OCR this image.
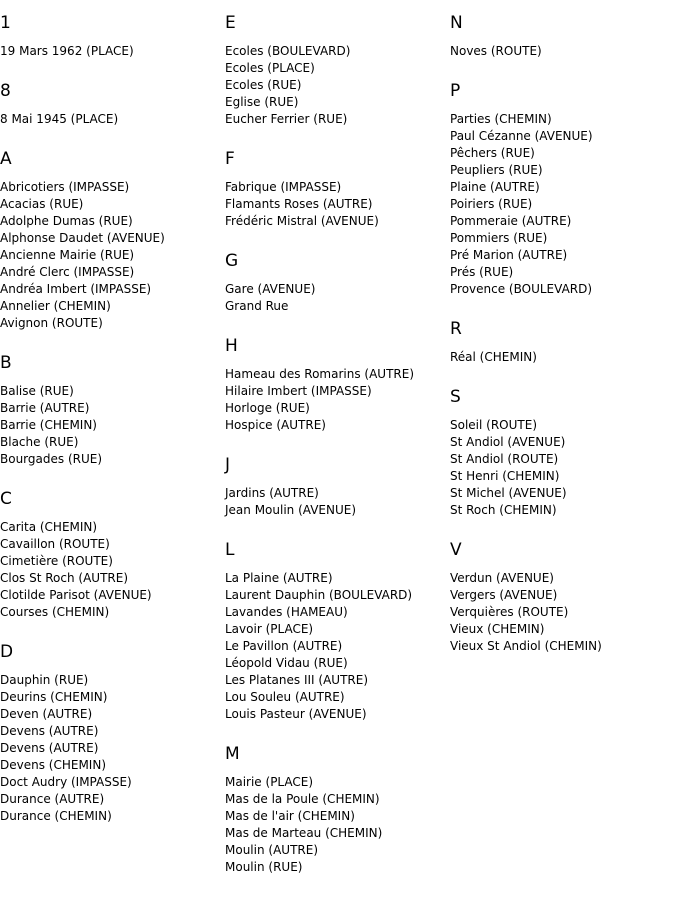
1
19 Mars 1962 (PLACE)
8
8 Mai 1945 (PLACE)
A
Abricotiers (IMPASSE)
Acacias (RUE)
Adolphe Dumas (RUE)
Alphonse Daudet (AVENUE)
Ancienne Mairie (RUE)
André Clerc (IMPASSE)
Andréa Imbert (IMPASSE)
Annelier (CHEMIN)
Avignon (ROUTE)
B
Balise (RUE)
Barrie (AUTRE)
Barrie (CHEMIN)
Blache (RUE)
Bourgades (RUE)
C
Carita (CHEMIN)
Cavaillon (ROUTE)
Cimetière (ROUTE)
Clos St Roch (AUTRE)
Clotilde Parisot (AVENUE)
Courses (CHEMIN)
D
Dauphin (RUE)
Deurins (CHEMIN)
Deven (AUTRE)
Devens (AUTRE)
Devens (AUTRE)
Devens (CHEMIN)
Doct Audry (IMPASSE)
Durance (AUTRE)
Durance (CHEMIN)
E
Ecoles (BOULEVARD)
Ecoles (PLACE)
Ecoles (RUE)
Eglise (RUE)
Eucher Ferrier (RUE)
F
Fabrique (IMPASSE)
Flamants Roses (AUTRE)
Frédéric Mistral (AVENUE)
G
Gare (AVENUE)
Grand Rue
H
Hameau des Romarins (AUTRE)
Hilaire Imbert (IMPASSE)
Horloge (RUE)
Hospice (AUTRE)
J
Jardins (AUTRE)
Jean Moulin (AVENUE)
L
La Plaine (AUTRE)
Laurent Dauphin (BOULEVARD)
Lavandes (HAMEAU)
Lavoir (PLACE)
Le Pavillon (AUTRE)
Léopold Vidau (RUE)
Les Platanes III (AUTRE)
Lou Souleu (AUTRE)
Louis Pasteur (AVENUE)
M
Mairie (PLACE)
Mas de la Poule (CHEMIN)
Mas de l'air (CHEMIN)
Mas de Marteau (CHEMIN)
Moulin (AUTRE)
Moulin (RUE)
N
Noves (ROUTE)
P
Parties (CHEMIN)
Paul Cézanne (AVENUE)
Pêchers (RUE)
Peupliers (RUE)
Plaine (AUTRE)
Poiriers (RUE)
Pommeraie (AUTRE)
Pommiers (RUE)
Pré Marion (AUTRE)
Prés (RUE)
Provence (BOULEVARD)
R
Réal (CHEMIN)
S
Soleil (ROUTE)
St Andiol (AVENUE)
St Andiol (ROUTE)
St Henri (CHEMIN)
St Michel (AVENUE)
St Roch (CHEMIN)
V
Verdun (AVENUE)
Vergers (AVENUE)
Verquières (ROUTE)
Vieux (CHEMIN)
Vieux St Andiol (CHEMIN)
